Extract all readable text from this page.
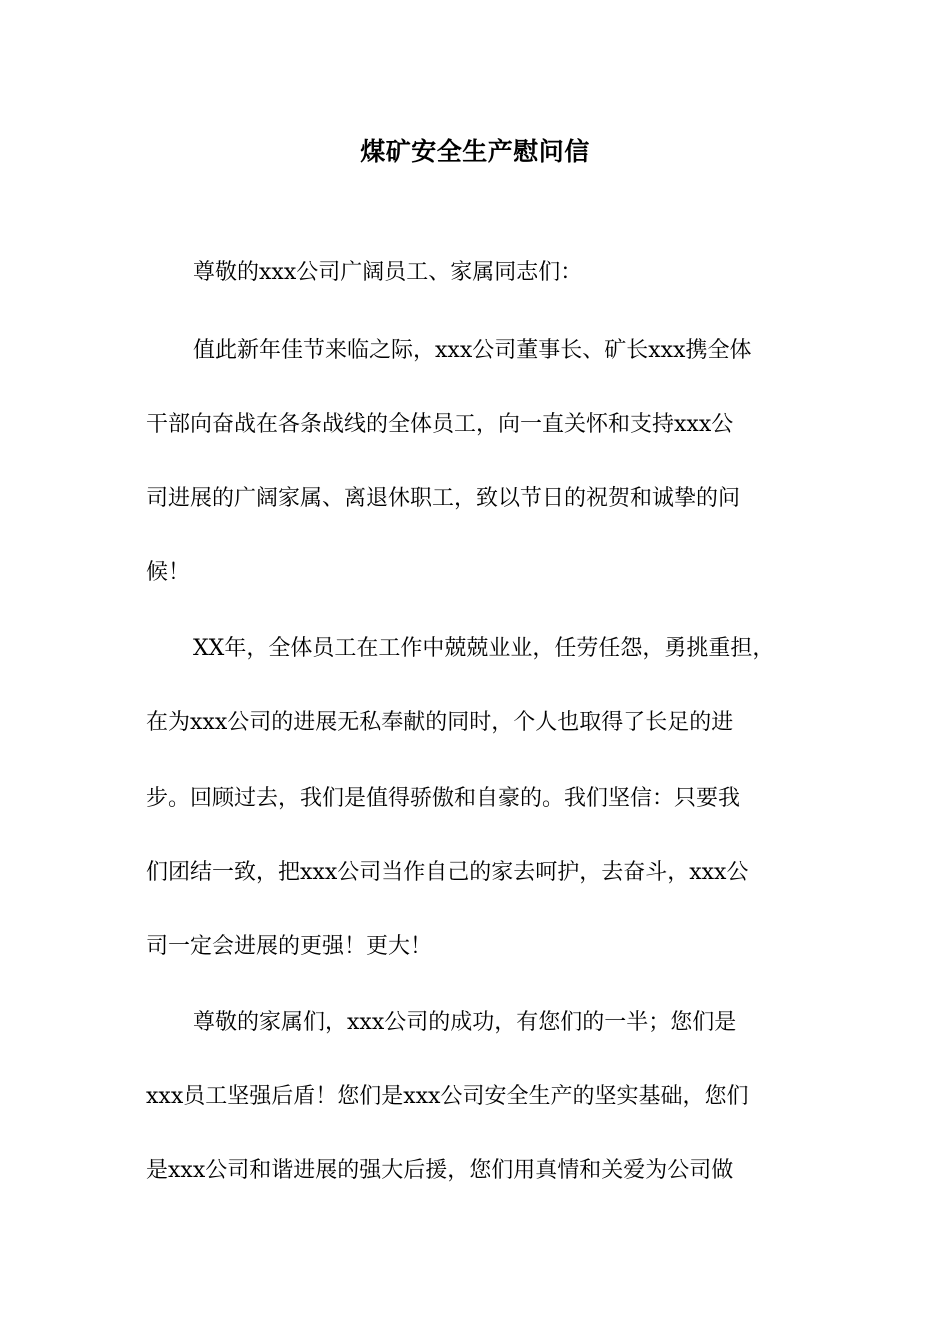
煤矿安全生产慰问信
尊敬的xxx公司广阔员工、家属同志们：
值此新年佳节来临之际，xxx公司董事长、矿长xxx携全体
干部向奋战在各条战线的全体员工，向一直关怀和支持xxx公
司进展的广阔家属、离退休职工，致以节日的祝贺和诚挚的问
候！
XX年，全体员工在工作中兢兢业业，任劳任怨，勇挑重担，
在为xxx公司的进展无私奉献的同时，个人也取得了长足的进
步。回顾过去，我们是值得骄傲和自豪的。我们坚信：只要我
们团结一致，把xxx公司当作自己的家去呵护，去奋斗，xxx公
司一定会进展的更强！更大！
尊敬的家属们，xxx公司的成功，有您们的一半；您们是
xxx员工坚强后盾！您们是xxx公司安全生产的坚实基础，您们
是xxx公司和谐进展的强大后援，您们用真情和关爱为公司做
